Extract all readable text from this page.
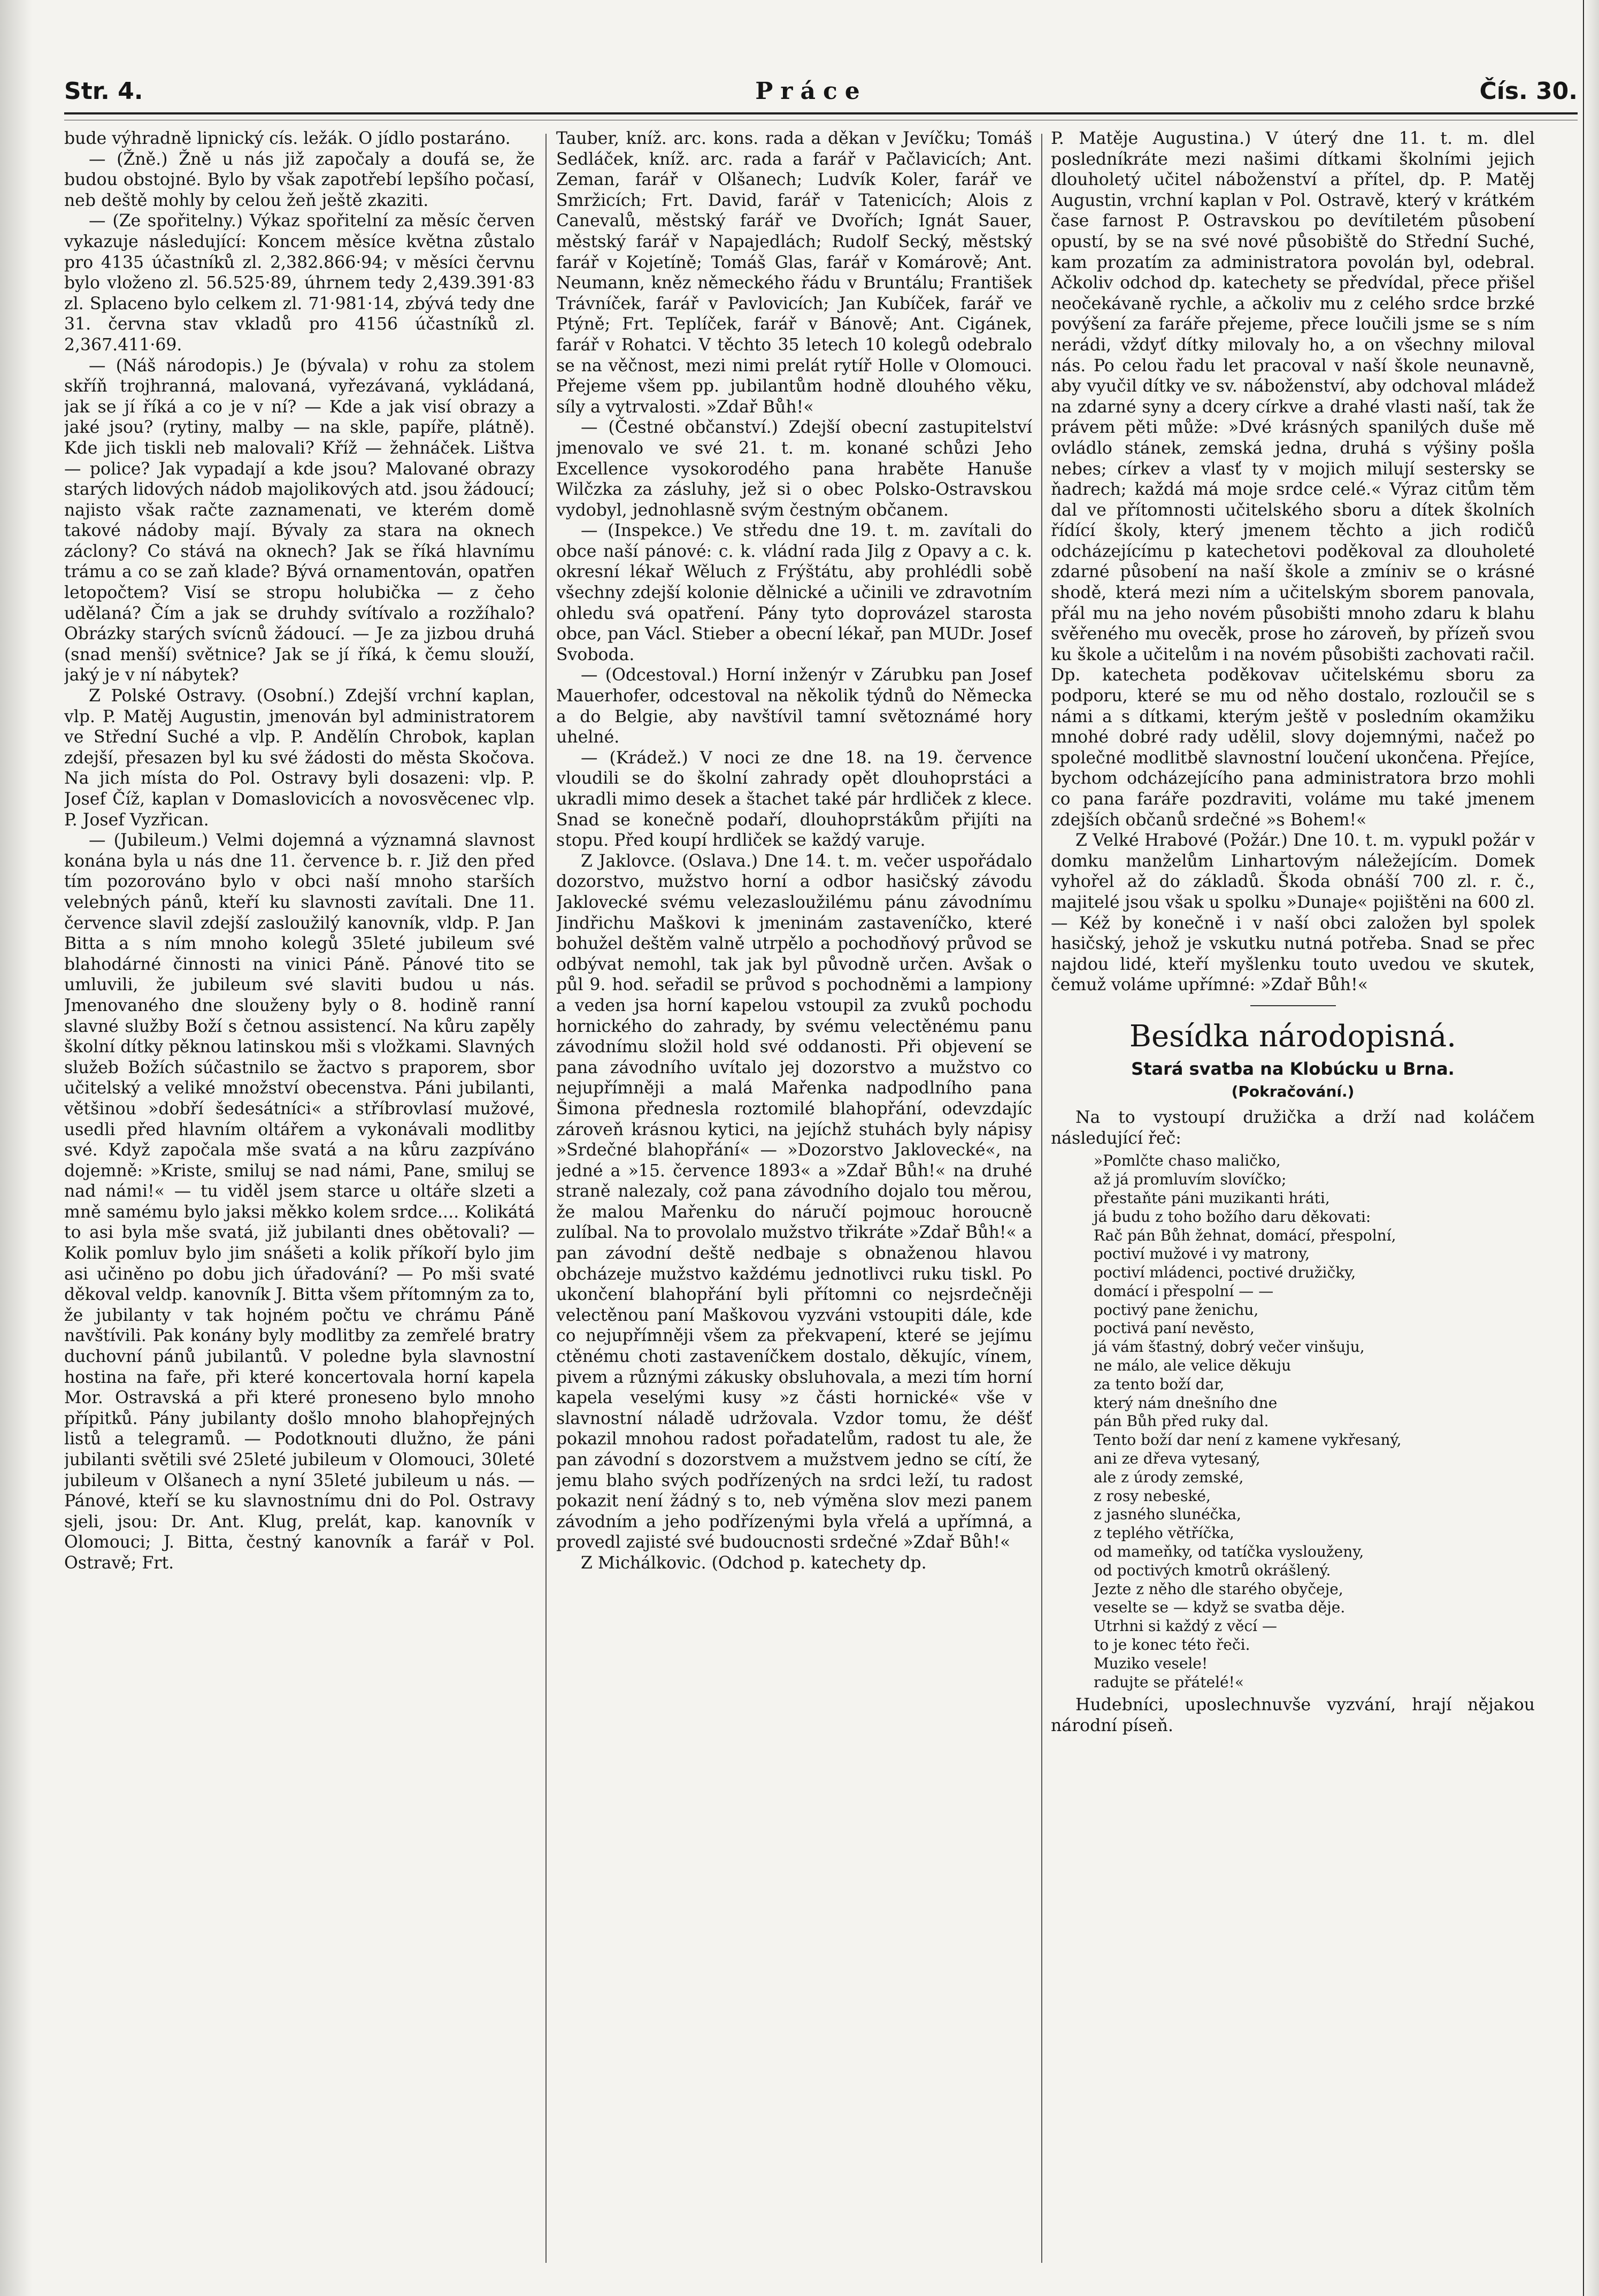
Str. 4.	Práce	Čís. 30.

bude výhradně lipnický cís. ležák. O jídlo postaráno.

— (Žně.) Žně u nás již započaly a doufá se, že budou obstojné. Bylo by však zapotřebí lepšího počasí, neb deště mohly by celou žeň ještě zkaziti.

— (Ze spořitelny.) Výkaz spořitelní za měsíc červen vykazuje následující: Koncem měsíce května zůstalo pro 4135 účastníků zl. 2,382.866·94; v měsíci červnu bylo vloženo zl. 56.525·89, úhrnem tedy 2,439.391·83 zl. Splaceno bylo celkem zl. 71·981·14, zbývá tedy dne 31. června stav vkladů pro 4156 účastníků zl. 2,367.411·69.

— (Náš národopis.) Je (bývala) v rohu za stolem skříň trojhranná, malovaná, vyřezávaná, vykládaná, jak se jí říká a co je v ní? — Kde a jak visí obrazy a jaké jsou? (rytiny, malby — na skle, papíře, plátně). Kde jich tiskli neb malovali? Kříž — žehnáček. Lištva — police? Jak vypadají a kde jsou? Malované obrazy starých lidových nádob majolikových atd. jsou žádoucí; najisto však račte zaznamenati, ve kterém domě takové nádoby mají. Bývaly za stara na oknech záclony? Co stává na oknech? Jak se říká hlavnímu trámu a co se zaň klade? Bývá ornamentován, opatřen letopočtem? Visí se stropu holubička — z čeho udělaná? Čím a jak se druhdy svítívalo a rozžíhalo? Obrázky starých svícnů žádoucí. — Je za jizbou druhá (snad menší) světnice? Jak se jí říká, k čemu slouží, jaký je v ní nábytek?

Z Polské Ostravy. (Osobní.) Zdejší vrchní kaplan, vlp. P. Matěj Augustin, jmenován byl administratorem ve Střední Suché a vlp. P. Andělín Chrobok, kaplan zdejší, přesazen byl ku své žádosti do města Skočova. Na jich místa do Pol. Ostravy byli dosazeni: vlp. P. Josef Číž, kaplan v Domaslovicích a novosvěcenec vlp. P. Josef Vyzřican.

— (Jubileum.) Velmi dojemná a významná slavnost konána byla u nás dne 11. července b. r. Již den před tím pozorováno bylo v obci naší mnoho starších velebných pánů, kteří ku slavnosti zavítali. Dne 11. července slavil zdejší zasloužilý kanovník, vldp. P. Jan Bitta a s ním mnoho kolegů 35leté jubileum své blahodárné činnosti na vinici Páně. Pánové tito se umluvili, že jubileum své slaviti budou u nás. Jmenovaného dne slouženy byly o 8. hodině ranní slavné služby Boží s četnou assistencí. Na kůru zapěly školní dítky pěknou latinskou mši s vložkami. Slavných služeb Božích súčastnilo se žactvo s praporem, sbor učitelský a veliké množství obecenstva. Páni jubilanti, většinou »dobří šedesátníci« a stříbrovlasí mužové, usedli před hlavním oltářem a vykonávali modlitby své. Když započala mše svatá a na kůru zazpíváno dojemně: »Kriste, smiluj se nad námi, Pane, smiluj se nad námi!« — tu viděl jsem starce u oltáře slzeti a mně samému bylo jaksi měkko kolem srdce.... Kolikátá to asi byla mše svatá, již jubilanti dnes obětovali? — Kolik pomluv bylo jim snášeti a kolik příkoří bylo jim asi učiněno po dobu jich úřadování? — Po mši svaté děkoval veldp. kanovník J. Bitta všem přítomným za to, že jubilanty v tak hojném počtu ve chrámu Páně navštívili. Pak konány byly modlitby za zemřelé bratry duchovní pánů jubilantů. V poledne byla slavnostní hostina na faře, při které koncertovala horní kapela Mor. Ostravská a při které proneseno bylo mnoho přípitků. Pány jubilanty došlo mnoho blahopřejných listů a telegramů. — Podotknouti dlužno, že páni jubilanti světili své 25leté jubileum v Olomouci, 30leté jubileum v Olšanech a nyní 35leté jubileum u nás. — Pánové, kteří se ku slavnostnímu dni do Pol. Ostravy sjeli, jsou: Dr. Ant. Klug, prelát, kap. kanovník v Olomouci; J. Bitta, čestný kanovník a farář v Pol. Ostravě; Frt.

Tauber, kníž. arc. kons. rada a děkan v Jevíčku; Tomáš Sedláček, kníž. arc. rada a farář v Pačlavicích; Ant. Zeman, farář v Olšanech; Ludvík Koler, farář ve Smržicích; Frt. David, farář v Tatenicích; Alois z Canevalů, městský farář ve Dvořích; Ignát Sauer, městský farář v Napajedlách; Rudolf Secký, městský farář v Kojetíně; Tomáš Glas, farář v Komárově; Ant. Neumann, kněz německého řádu v Bruntálu; František Trávníček, farář v Pavlovicích; Jan Kubíček, farář ve Ptýně; Frt. Teplíček, farář v Bánově; Ant. Cigánek, farář v Rohatci. V těchto 35 letech 10 kolegů odebralo se na věčnost, mezi nimi prelát rytíř Holle v Olomouci. Přejeme všem pp. jubilantům hodně dlouhého věku, síly a vytrvalosti. »Zdař Bůh!«

— (Čestné občanství.) Zdejší obecní zastupitelství jmenovalo ve své 21. t. m. konané schůzi Jeho Excellence vysokorodého pana hraběte Hanuše Wilčzka za zásluhy, jež si o obec Polsko-Ostravskou vydobyl, jednohlasně svým čestným občanem.

— (Inspekce.) Ve středu dne 19. t. m. zavítali do obce naší pánové: c. k. vládní rada Jilg z Opavy a c. k. okresní lékař Wěluch z Frýštátu, aby prohlédli sobě všechny zdejší kolonie dělnické a učinili ve zdravotním ohledu svá opatření. Pány tyto doprovázel starosta obce, pan Václ. Stieber a obecní lékař, pan MUDr. Josef Svoboda.

— (Odcestoval.) Horní inženýr v Zárubku pan Josef Mauerhofer, odcestoval na několik týdnů do Německa a do Belgie, aby navštívil tamní světoznámé hory uhelné.

— (Krádež.) V noci ze dne 18. na 19. července vloudili se do školní zahrady opět dlouhoprstáci a ukradli mimo desek a štachet také pár hrdliček z klece. Snad se konečně podaří, dlouhoprstákům přijíti na stopu. Před koupí hrdliček se každý varuje.

Z Jaklovce. (Oslava.) Dne 14. t. m. večer uspořádalo dozorstvo, mužstvo horní a odbor hasičský závodu Jaklovecké svému velezasloužilému pánu závodnímu Jindřichu Maškovi k jmeninám zastaveníčko, které bohužel deštěm valně utrpělo a pochodňový průvod se odbývat nemohl, tak jak byl původně určen. Avšak o půl 9. hod. seřadil se průvod s pochodněmi a lampiony a veden jsa horní kapelou vstoupil za zvuků pochodu hornického do zahrady, by svému velectěnému panu závodnímu složil hold své oddanosti. Při objevení se pana závodního uvítalo jej dozorstvo a mužstvo co nejupřímněji a malá Mařenka nadpodlního pana Šimona přednesla roztomilé blahopřání, odevzdajíc zároveň krásnou kytici, na jejíchž stuhách byly nápisy »Srdečné blahopřání« — »Dozorstvo Jaklovecké«, na jedné a »15. července 1893« a »Zdař Bůh!« na druhé straně nalezaly, což pana závodního dojalo tou měrou, že malou Mařenku do náručí pojmouc horoucně zulíbal. Na to provolalo mužstvo třikráte »Zdař Bůh!« a pan závodní deště nedbaje s obnaženou hlavou obcházeje mužstvo každému jednotlivci ruku tiskl. Po ukončení blahopřání byli přítomni co nejsrdečněji velectěnou paní Maškovou vyzváni vstoupiti dále, kde co nejupřímněji všem za překvapení, které se jejímu ctěnému choti zastaveníčkem dostalo, děkujíc, vínem, pivem a různými zákusky obsluhovala, a mezi tím horní kapela veselými kusy »z části hornické« vše v slavnostní náladě udržovala. Vzdor tomu, že déšť pokazil mnohou radost pořadatelům, radost tu ale, že pan závodní s dozorstvem a mužstvem jedno se cítí, že jemu blaho svých podřízených na srdci leží, tu radost pokazit není žádný s to, neb výměna slov mezi panem závodním a jeho podřízenými byla vřelá a upřímná, a provedl zajisté své budoucnosti srdečné »Zdař Bůh!«

Z Michálkovic. (Odchod p. katechety dp.

P. Matěje Augustina.) V úterý dne 11. t. m. dlel posledníkráte mezi našimi dítkami školními jejich dlouholetý učitel náboženství a přítel, dp. P. Matěj Augustin, vrchní kaplan v Pol. Ostravě, který v krátkém čase farnost P. Ostravskou po devítiletém působení opustí, by se na své nové působiště do Střední Suché, kam prozatím za administratora povolán byl, odebral. Ačkoliv odchod dp. katechety se předvídal, přece přišel neočekávaně rychle, a ačkoliv mu z celého srdce brzké povýšení za faráře přejeme, přece loučili jsme se s ním nerádi, vždyť dítky milovaly ho, a on všechny miloval nás. Po celou řadu let pracoval v naší škole neunavně, aby vyučil dítky ve sv. náboženství, aby odchoval mládež na zdarné syny a dcery církve a drahé vlasti naší, tak že právem pěti může: »Dvé krásných spanilých duše mě ovládlo stánek, zemská jedna, druhá s výšiny pošla nebes; církev a vlasť ty v mojich milují sestersky se ňadrech; každá má moje srdce celé.« Výraz citům těm dal ve přítomnosti učitelského sboru a dítek školních řídící školy, který jmenem těchto a jich rodičů odcházejícímu p katechetovi poděkoval za dlouholeté zdarné působení na naší škole a zmíniv se o krásné shodě, která mezi ním a učitelským sborem panovala, přál mu na jeho novém působišti mnoho zdaru k blahu svěřeného mu ovecěk, prose ho zároveň, by přízeň svou ku škole a učitelům i na novém působišti zachovati račil. Dp. katecheta poděkovav učitelskému sboru za podporu, které se mu od něho dostalo, rozloučil se s námi a s dítkami, kterým ještě v posledním okamžiku mnohé dobré rady udělil, slovy dojemnými, načež po společné modlitbě slavnostní loučení ukončena. Přejíce, bychom odcházejícího pana administratora brzo mohli co pana faráře pozdraviti, voláme mu také jmenem zdejších občanů srdečné »s Bohem!«

Z Velké Hrabové (Požár.) Dne 10. t. m. vypukl požár v domku manželům Linhartovým náležejícím. Domek vyhořel až do základů. Škoda obnáší 700 zl. r. č., majitelé jsou však u spolku »Dunaje« pojištěni na 600 zl. — Kéž by konečně i v naší obci založen byl spolek hasičský, jehož je vskutku nutná potřeba. Snad se přec najdou lidé, kteří myšlenku touto uvedou ve skutek, čemuž voláme upřímné: »Zdař Bůh!«

Besídka národopisná.
Stará svatba na Klobúcku u Brna.
(Pokračování.)

Na to vystoupí družička a drží nad koláčem následující řeč:

»Pomlčte chaso maličko,
až já promluvím slovíčko;
přestaňte páni muzikanti hráti,
já budu z toho božího daru děkovati:
Rač pán Bůh žehnat, domácí, přespolní,
poctiví mužové i vy matrony,
poctiví mládenci, poctivé družičky,
domácí i přespolní — —
poctivý pane ženichu,
poctivá paní nevěsto,
já vám šťastný, dobrý večer vinšuju,
ne málo, ale velice děkuju
za tento boží dar,
který nám dnešního dne
pán Bůh před ruky dal.
Tento boží dar není z kamene vykřesaný,
ani ze dřeva vytesaný,
ale z úrody zemské,
z rosy nebeské,
z jasného slunéčka,
z teplého větříčka,
od mameňky, od tatíčka vyslouženy,
od poctivých kmotrů okrášlený.
Jezte z něho dle starého obyčeje,
veselte se — když se svatba děje.
Utrhni si každý z věcí —
to je konec této řeči.
Muziko vesele!
radujte se přátelé!«

Hudebníci, uposlechnuvše vyzvání, hrají nějakou národní píseň.
